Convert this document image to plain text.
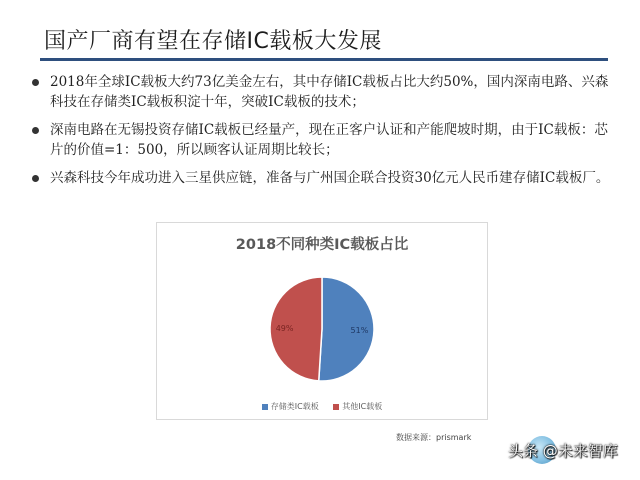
国产厂商有望在存储IC载板大发展
2018年全球IC载板大约73亿美金左右，其中存储IC载板占比大约50%，国内深南电路、兴森科技在存储类IC载板积淀十年，突破IC载板的技术；
深南电路在无锡投资存储IC载板已经量产，现在正客户认证和产能爬坡时期，由于IC载板：芯片的价值=1：500，所以顾客认证周期比较长；
兴森科技今年成功进入三星供应链，准备与广州国企联合投资30亿元人民币建存储IC载板厂。
2018不同种类IC载板占比
51%
49%
存储类IC载板	其他IC载板
数据来源：prismark
头条 @未来智库
